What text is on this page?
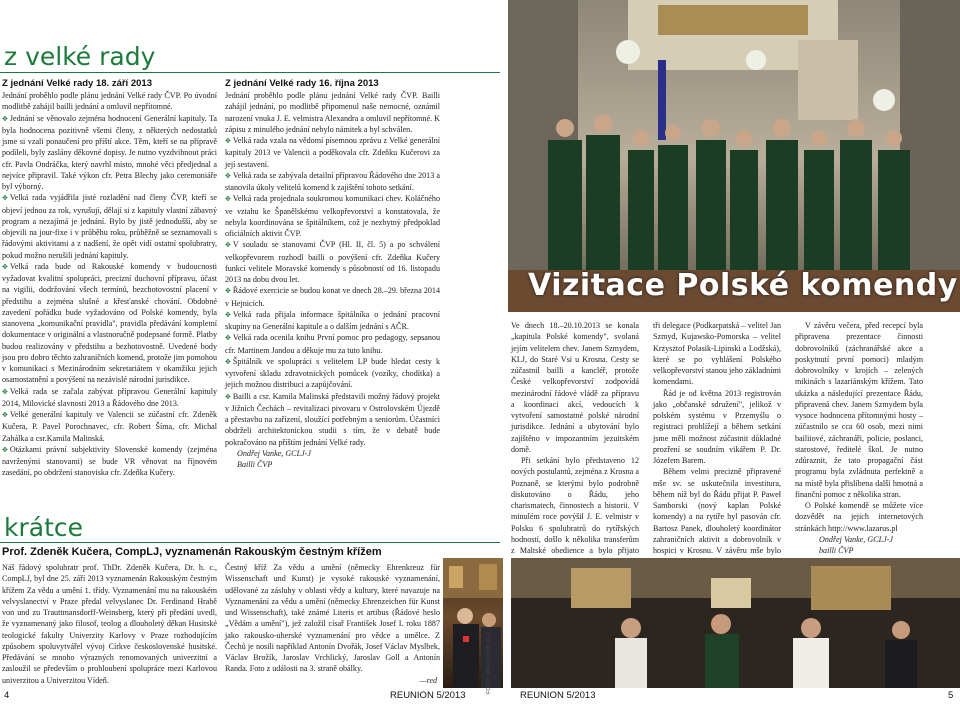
z velké rady
Z jednání Velké rady 18. září 2013

Jednání proběhlo podle plánu jednání Velké rady ČVP. Po úvodní modlitbě zahájil bailli jednání a omluvil nepřítomné.

✥ Jednání se věnovalo zejména hodnocení Generální kapituly. Ta byla hodnocena pozitivně všemi členy, z některých nedostatků jsme si vzali ponaučení pro příští akce. Těm, kteří se na přípravě podíleli, byly zaslány děkovné dopisy. Je nutno vyzdvihnout práci cfr. Pavla Ondráčka, který navrhl místo, mnohé věci předjednal a nejvíce připravil. Také výkon cfr. Petra Blechy jako ceremoniáře byl výborný.

✥ Velká rada vyjádřila jisté rozladění nad členy ČVP, kteří se objeví jednou za rok, vyrušují, dělají si z kapituly vlastní zábavný program a nezajímá je jednání. Bylo by jistě jednodušší, aby se objevili na jour-fixe i v průběhu roku, průběžně se seznamovali s řádovými aktivitami a z nadšení, že opět vidí ostatní spolubratry, pokud možno nerušili jednání kapituly.

✥ Velká rada bude od Rakouské komendy v budoucnosti vyžadovat kvalitní spolupráci, precizní duchovní přípravu, účast na vigilii, dodržování všech termínů, bezchotovostní placení v předstihu a zejména slušné a křesťanské chování. Obdobné zavedení pořádku bude vyžadováno od Polské komendy, byla stanovena „komunikační pravidla", pravidla předávání kompletní dokumentace v originální a vlastnoručně podepsané formě. Platby budou realizovány v předstihu a bezhotovostně. Uvedené body jsou pro dobro těchto zahraničních komend, protože jim pomohou v komunikaci s Mezinárodním sekretariátem v okamžiku jejich osamostatnění a povýšení na nezávislé národní jurisdikce.

✥ Velká rada se začala zabývat přípravou Generální kapituly 2014, Milovické slavnosti 2013 a Řádového dne 2013.

✥ Velké generální kapituly ve Valencii se zúčastní cfr. Zdeněk Kučera, P. Pavel Porochnavec, cfr. Robert Šíma, cfr. Michal Zahálka a csr.Kamila Malinská.

✥ Otázkami právní subjektivity Slovenské komendy (zejména navrženými stanovami) se bude VR věnovat na říjnovém zasedání, po obdržení stanoviska cfr. Zdeňka Kučery.

Z jednání Velké rady 16. října 2013

Jednání proběhlo podle plánu jednání Velké rady ČVP. Bailli zahájil jednání, po modlitbě připomenul naše nemocné, oznámil narození vnuka J. E. velmistra Alexandra a omluvil nepřítomné. K zápisu z minulého jednání nebylo námitek a byl schválen.

✥ Velká rada vzala na vědomí písemnou zprávu z Velké generální kapituly 2013 ve Valencii a poděkovala cfr. Zdeňku Kučerovi za její sestavení.

✥ Velká rada se zabývala detailní přípravou Řádového dne 2013 a stanovila úkoly velitelů komend k zajištění tohoto setkání.

✥ Velká rada projednala soukromou komunikaci chev. Koláčného ve vztahu ke Španělskému velkopřevorství a konstatovala, že nebyla koordinována se špitálníkem, což je nezbytný předpoklad oficiálních aktivit ČVP.

✥ V souladu se stanovami ČVP (Hl. II, čl. 5) a po schválení velkopřevorem rozhodl bailli o povýšení cfr. Zdeňka Kučery funkcí velitele Moravské komendy s působností od 16. listopadu 2013 na dobu dvou let.

✥ Řádové exercicie se budou konat ve dnech 28.–29. března 2014 v Hejnicích.

✥ Velká rada přijala informace špitálníka o jednání pracovní skupiny na Generální kapitule a o dalším jednání s AČR.

✥ Velká rada ocenila knihu První pomoc pro pedagogy, sepsanou cfr. Martinem Jandou a děkuje mu za tuto knihu.

✥ Špitálník ve spolupráci s velitelem LP bude hledat cesty k vytvoření skladu zdravotnických pomůcek (vozíky, chodítka) a jejich možnou distribuci a zapůjčování.

✥ Bailli a csr. Kamila Malinská představili možný řádový projekt v Jižních Čechách – revitalizaci pivovaru v Ostrolovském Újezdě a přestavbu na zařízení, sloužící potřebným a seniorům. Účastníci obdrželi architektonickou studii s tím, že v debatě bude pokračováno na příštím jednání Velké rady.

Ondřej Vanke, GCLJ-J

Bailli ČVP

krátce
Prof. Zdeněk Kučera, CompLJ, vyznamenán Rakouským čestným křížem
Náš řádový spolubratr prof. ThDr. Zdeněk Kučera, Dr. h. c., CompLJ, byl dne 25. září 2013 vyznamenán Rakouským čestným křížem Za vědu a umění 1. třídy. Vyznamenání mu na rakouském velvyslanectví v Praze předal velvyslanec Dr. Ferdinand Hrabě von und zu Trauttmansdorff-Weinsberg, který při předání uvedl, že vyznamenaný jako filosof, teolog a dlouholetý děkan Husitské teologické fakulty Univerzity Karlovy v Praze rozhodujícím způsobem spoluvytvářel vývoj Církve československé husitské. Předávání se mnoho výrazných renomovaných univerzitní a zasloužil se především o prohloubení spolupráce mezi Karlovou univerzitou a Univerzitou Vídeň.
Čestný kříž Za vědu a umění (německy Ehrenkreuz für Wissenschaft und Kunst) je vysoké rakouské vyznamenání, udělované za zásluhy v oblasti vědy a kultury, které navazuje na Vyznamenání za vědu a umění (německy Ehrenzeichen für Kunst und Wissenschaft), také známé Literis et artibus (Řádové heslo „Vědám a umění"), jež založil císař František Josef I. roku 1887 jako rakousko-uherské vyznamenání pro vědce a umělce. Z Čechů je nosili například Antonín Dvořák, Josef Václav Myslbek, Václav Brožík, Jaroslav Vrchlický, Jaroslav Goll a Antonín Randa. Foto z události na 3. straně obálky.
—red	FOTO: JAN SZMYD, KLJ
4	REUNION 5/2013
Vizitace Polské komendy

Ve dnech 18.–20.10.2013 se konala „kapitula Polské komendy", svolaná jejím velitelem chev. Janem Szmydem, KLJ, do Staré Vsi u Krosna. Cesty se zúčastnil bailli a kancléř, protože České velkopřevorství zodpovídá mezinárodní řádové vládě za přípravu a koordinaci akcí, vedoucích k vytvoření samostatné polské národní jurisdikce. Jednání a ubytování bylo zajištěno v impozantním jezuitském domě.

Při setkání bylo představeno 12 nových postulantů, zejména z Krosna a Poznaně, se kterými bylo podrobně diskutováno o Řádu, jeho charismatech, činnostech a historii. V minulém roce povýšil J. E. velmistr v Polsku 6 spolubratrů do rytířských hodností, došlo k několika transferům z Maltské obedience a bylo přijato

tři delegace (Podkarpatská – velitel Jan Szmyd, Kujawsko-Pomorska – velitel Krzysztof Polasik-Lipinski a Lodžská), které se po vyhlášení Polského velkopřevorství stanou jeho základními komendami.

Řád je od května 2013 registrován jako „občanské sdružení", jelikož v polském systému v Przemyślu o registraci prohlížejí a během setkání jsme měli možnost zúčastnit důkladné prozření se soudním vikářem P. Dr. Józefem Barem.

Během velmi precizně připravené mše sv. se uskutečnila investitura, během níž byl do Řádu přijat P. Paweł Samborski (nový kaplan Polské komendy) a na rytíře byl pasován cfr. Bartosz Panek, dlouholetý koordinátor zahraničních aktivit a dobrovolník v hospici v Krosnu. V závěru mše bylo

V závěru večera, před recepcí byla připravena prezentace činnosti dobrovolníků (záchranářské akce a poskytnutí první pomoci) mladým dobrovolníky v krojích – zelených mikinách s lazariánským křížem. Tato ukázka a následující prezentace Řádu, připravená chev. Janem Szmydem byla vysoce hodnocena přítomnými hosty – zúčastnilo se cca 60 osob, mezi nimi bailiiové, záchranáři, policie, poslanci, starostové, ředitelé škol. Je nutno zdůraznit, že tato propagační část programu byla zvládnuta perfektně a na místě byla přislíbena další hmotná a finanční pomoc z několika stran.

O Polské komendě se můžete více dozvědět na jejich internetových stránkách http://www.lazarus.pl

Ondřej Vanke, GCLJ-J

bailli ČVP

REUNION 5/2013	5
